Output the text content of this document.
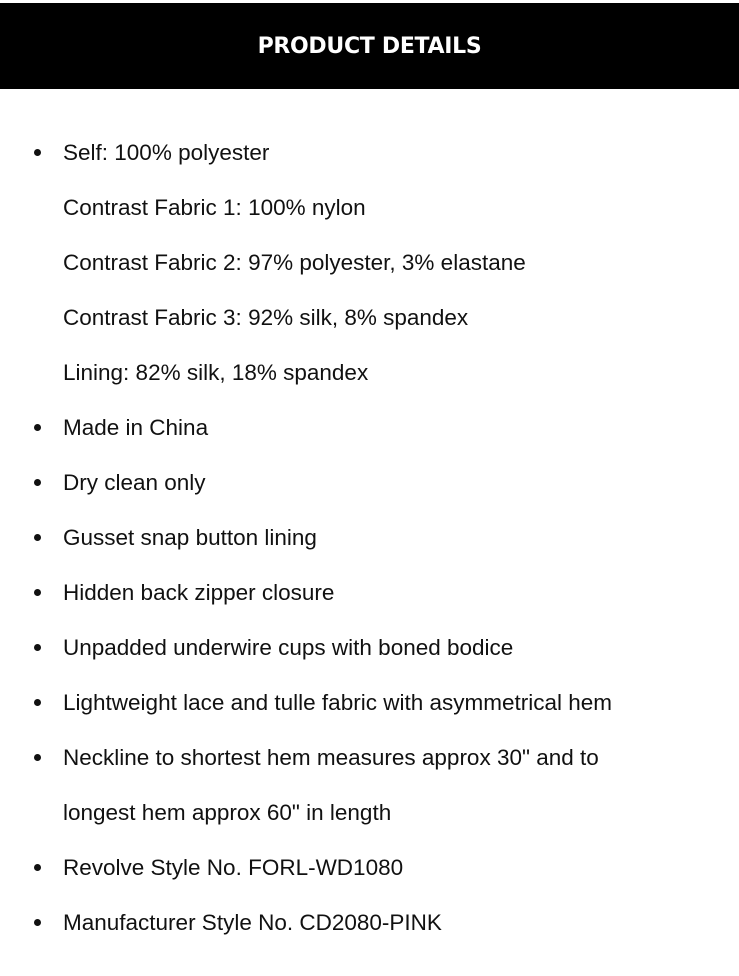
PRODUCT DETAILS
Self: 100% polyester
Contrast Fabric 1: 100% nylon
Contrast Fabric 2: 97% polyester, 3% elastane
Contrast Fabric 3: 92% silk, 8% spandex
Lining: 82% silk, 18% spandex
Made in China
Dry clean only
Gusset snap button lining
Hidden back zipper closure
Unpadded underwire cups with boned bodice
Lightweight lace and tulle fabric with asymmetrical hem
Neckline to shortest hem measures approx 30" and to
longest hem approx 60" in length
Revolve Style No. FORL-WD1080
Manufacturer Style No. CD2080-PINK
